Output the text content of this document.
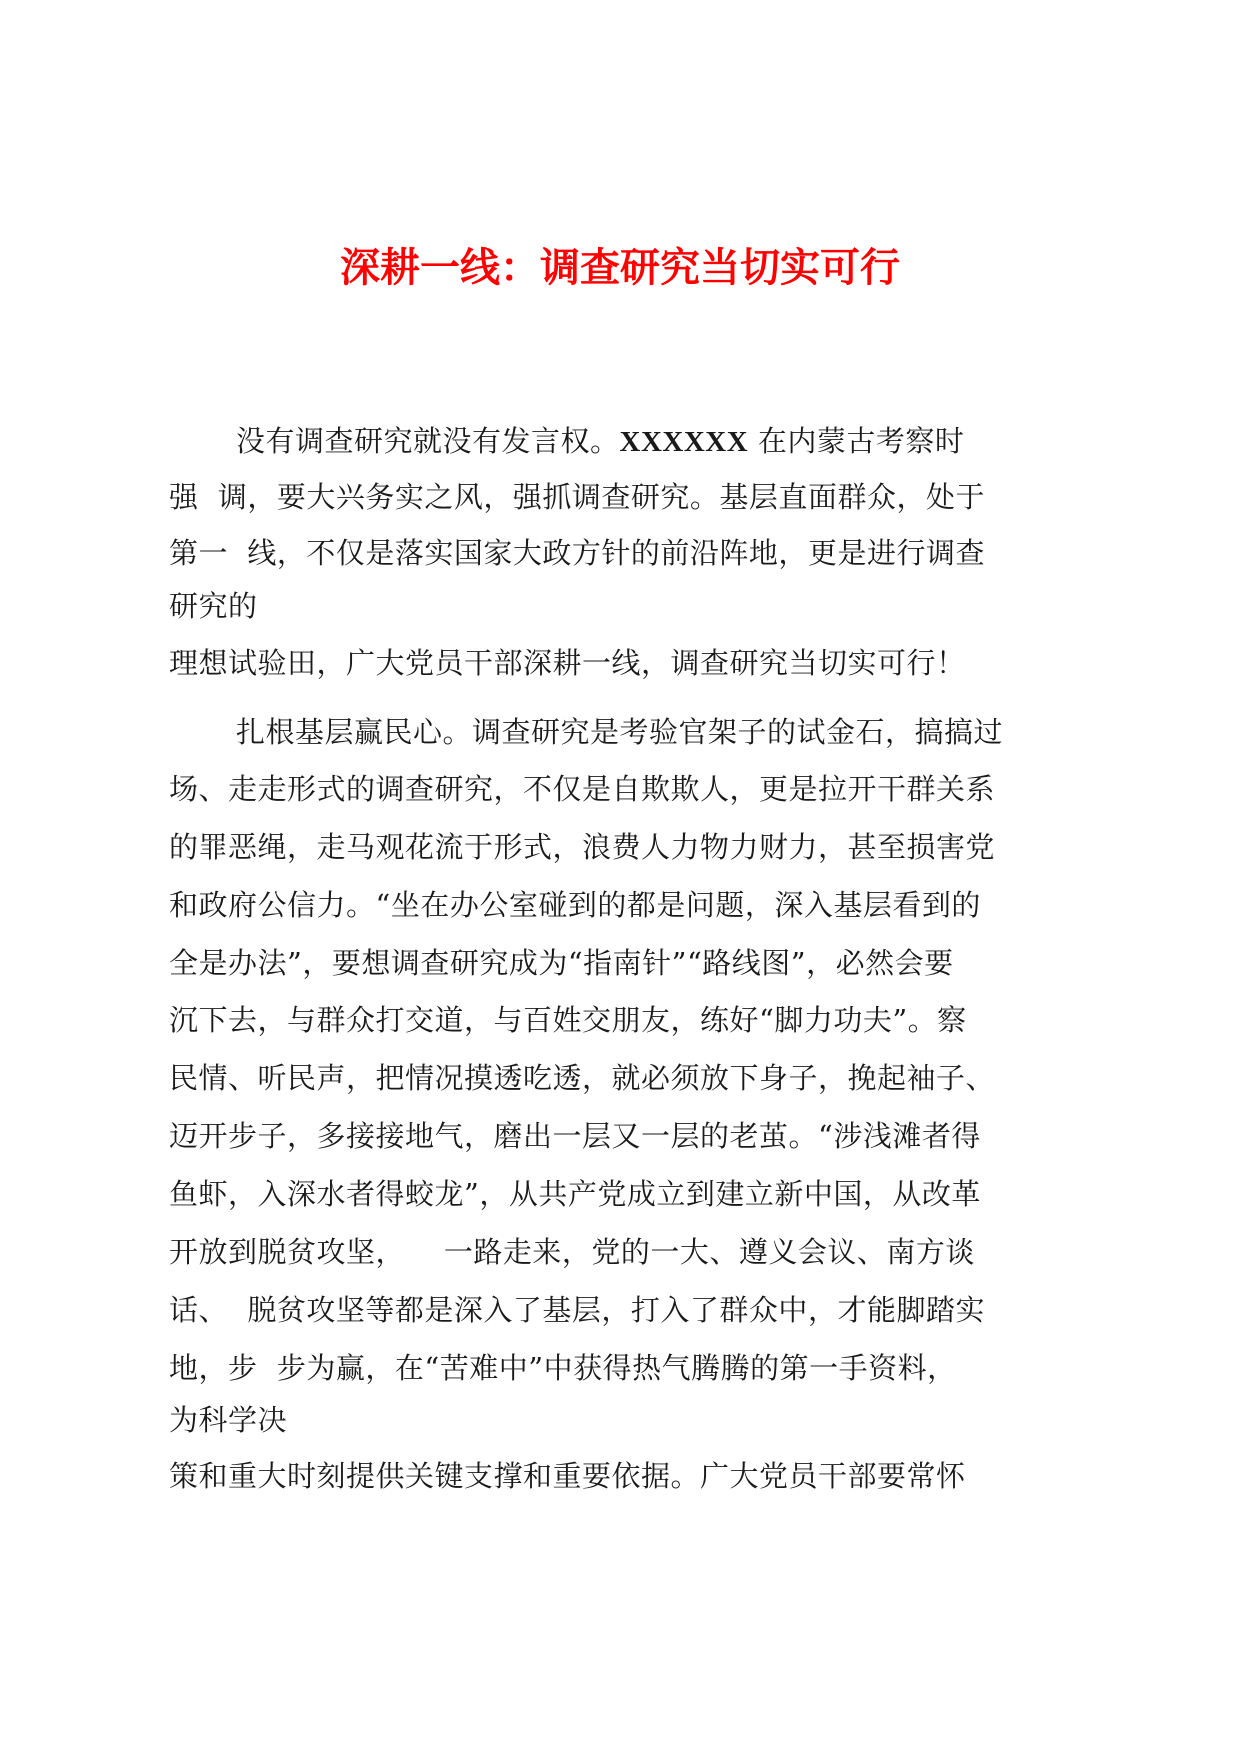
深耕一线：调查研究当切实可行

没有调查研究就没有发言权。XXXXXX 在内蒙古考察时

强  调，要大兴务实之风，强抓调查研究。基层直面群众，处于

第一  线，不仅是落实国家大政方针的前沿阵地，更是进行调查

研究的

理想试验田，广大党员干部深耕一线，调查研究当切实可行！

扎根基层赢民心。调查研究是考验官架子的试金石，搞搞过

场、走走形式的调查研究，不仅是自欺欺人，更是拉开干群关系

的罪恶绳，走马观花流于形式，浪费人力物力财力，甚至损害党

和政府公信力。“坐在办公室碰到的都是问题，深入基层看到的

全是办法”，要想调查研究成为“指南针”“路线图”，必然会要

沉下去，与群众打交道，与百姓交朋友，练好“脚力功夫”。察

民情、听民声，把情况摸透吃透，就必须放下身子，挽起袖子、

迈开步子，多接接地气，磨出一层又一层的老茧。“涉浅滩者得

鱼虾，入深水者得蛟龙”，从共产党成立到建立新中国，从改革

开放到脱贫攻坚，    一路走来，党的一大、遵义会议、南方谈

话、  脱贫攻坚等都是深入了基层，打入了群众中，才能脚踏实

地，步  步为赢，在“苦难中”中获得热气腾腾的第一手资料，

为科学决

策和重大时刻提供关键支撑和重要依据。广大党员干部要常怀
